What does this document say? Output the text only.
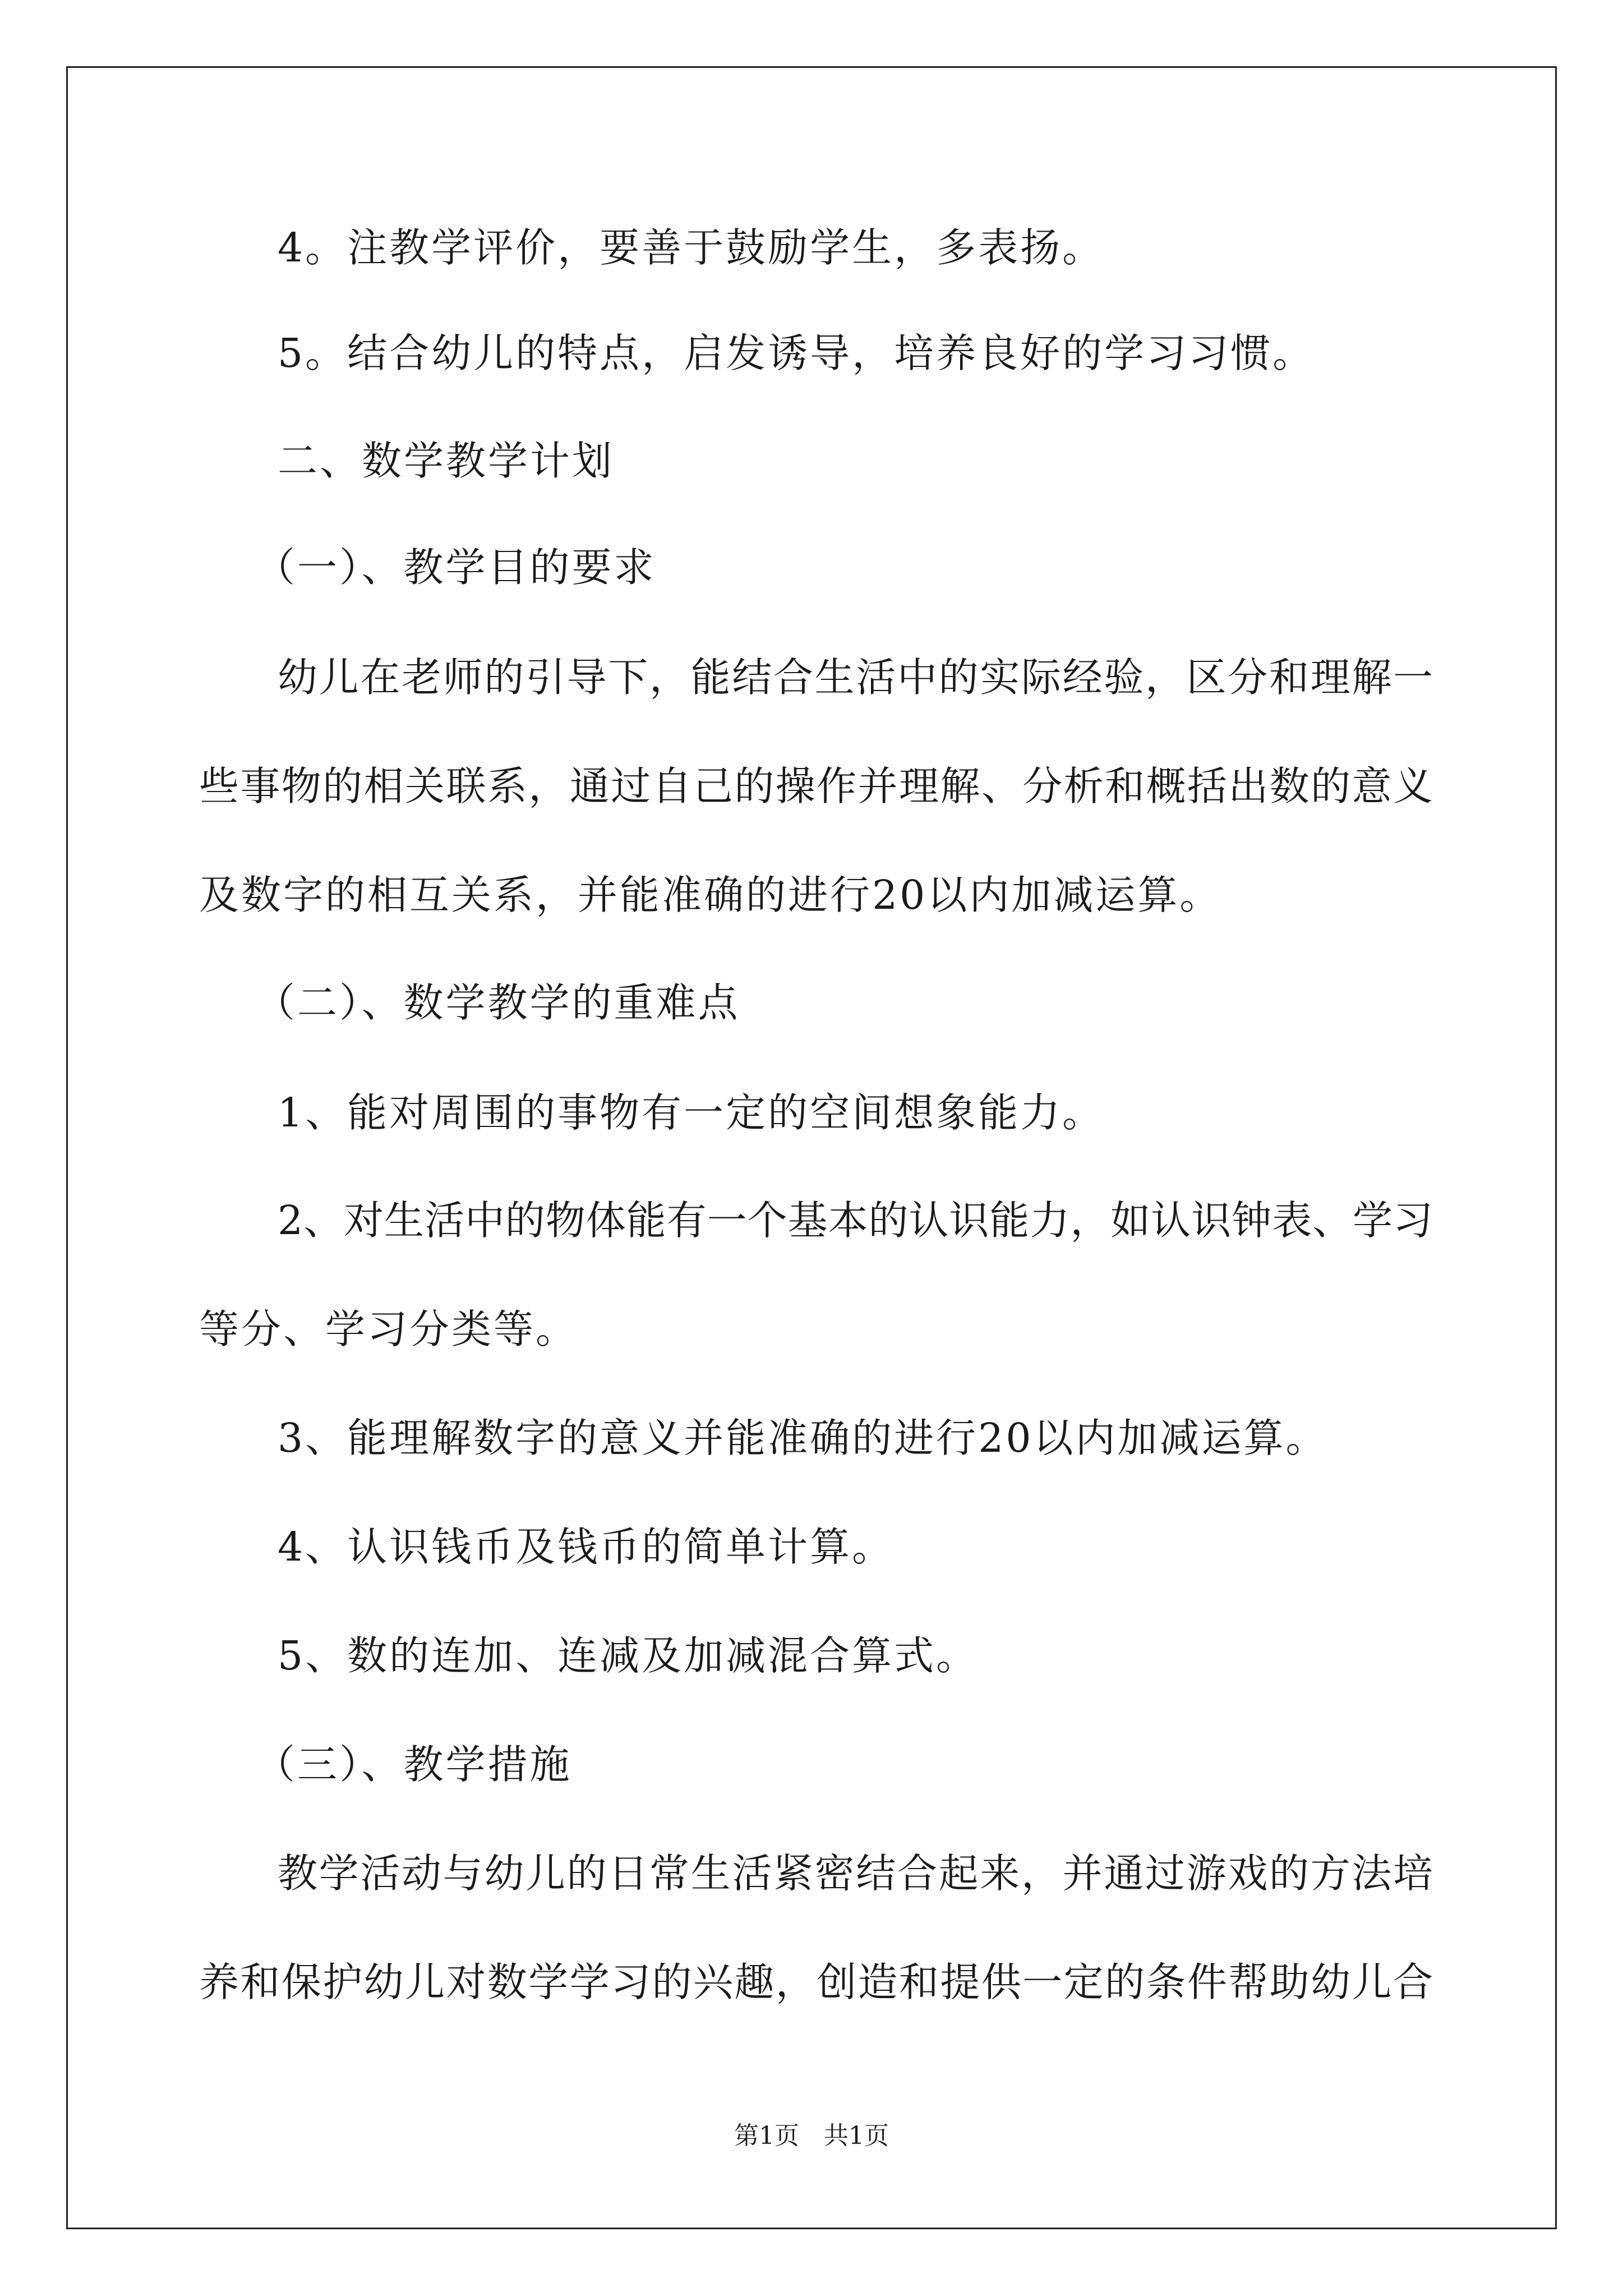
4。注教学评价，要善于鼓励学生，多表扬。
5。结合幼儿的特点，启发诱导，培养良好的学习习惯。
二、数学教学计划
（一）、教学目的要求
幼儿在老师的引导下，能结合生活中的实际经验，区分和理解一
些事物的相关联系，通过自己的操作并理解、分析和概括出数的意义
及数字的相互关系，并能准确的进行20以内加减运算。
（二）、数学教学的重难点
1、能对周围的事物有一定的空间想象能力。
2、对生活中的物体能有一个基本的认识能力，如认识钟表、学习
等分、学习分类等。
3、能理解数字的意义并能准确的进行20以内加减运算。
4、认识钱币及钱币的简单计算。
5、数的连加、连减及加减混合算式。
（三）、教学措施
教学活动与幼儿的日常生活紧密结合起来，并通过游戏的方法培
养和保护幼儿对数学学习的兴趣，创造和提供一定的条件帮助幼儿合
第1页　共1页
